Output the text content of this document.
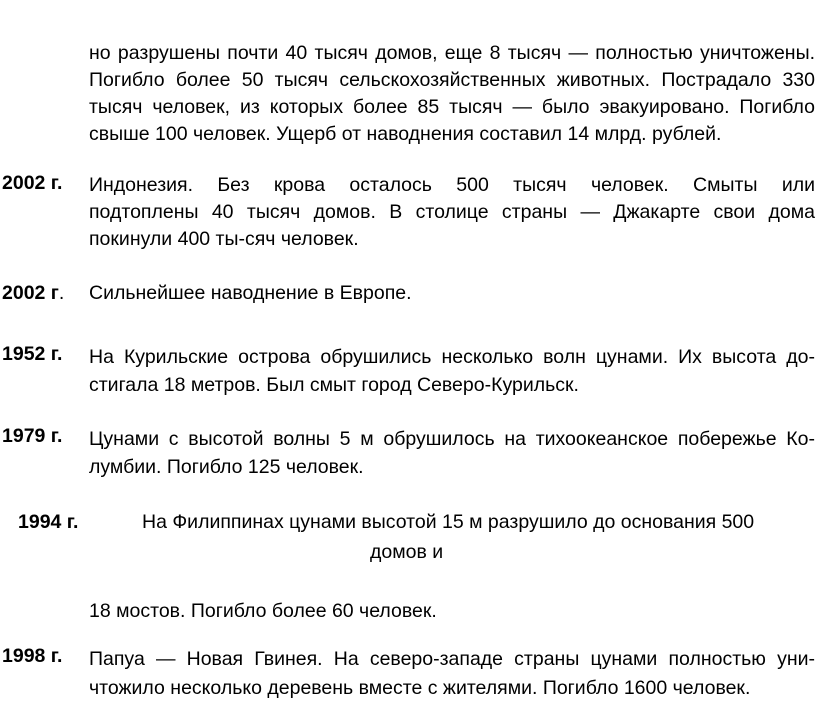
но разрушены почти 40 тысяч домов, еще 8 тысяч — полностью уничтожены.
Погибло более 50 тысяч сельскохозяйственных животных. Пострадало 330
тысяч человек, из которых более 85 тысяч — было эвакуировано. Погибло
свыше 100 человек. Ущерб от наводнения составил 14 млрд. рублей.
2002 г. Индонезия. Без крова осталось 500 тысяч человек. Смыты или
подтоплены 40 тысяч домов. В столице страны — Джакарте свои дома
покинули 400 ты-сяч человек.
2002 г. Сильнейшее наводнение в Европе.
1952 г. На Курильские острова обрушились несколько волн цунами. Их высота до-
стигала 18 метров. Был смыт город Северо-Курильск.
1979 г. Цунами с высотой волны 5 м обрушилось на тихоокеанское побережье Ко-
лумбии. Погибло 125 человек.
1994 г.	На Филиппинах цунами высотой 15 м разрушило до основания 500
домов и
18 мостов. Погибло более 60 человек.
1998 г. Папуа — Новая Гвинея. На северо-западе страны цунами полностью уни-
чтожило несколько деревень вместе с жителями. Погибло 1600 человек.
